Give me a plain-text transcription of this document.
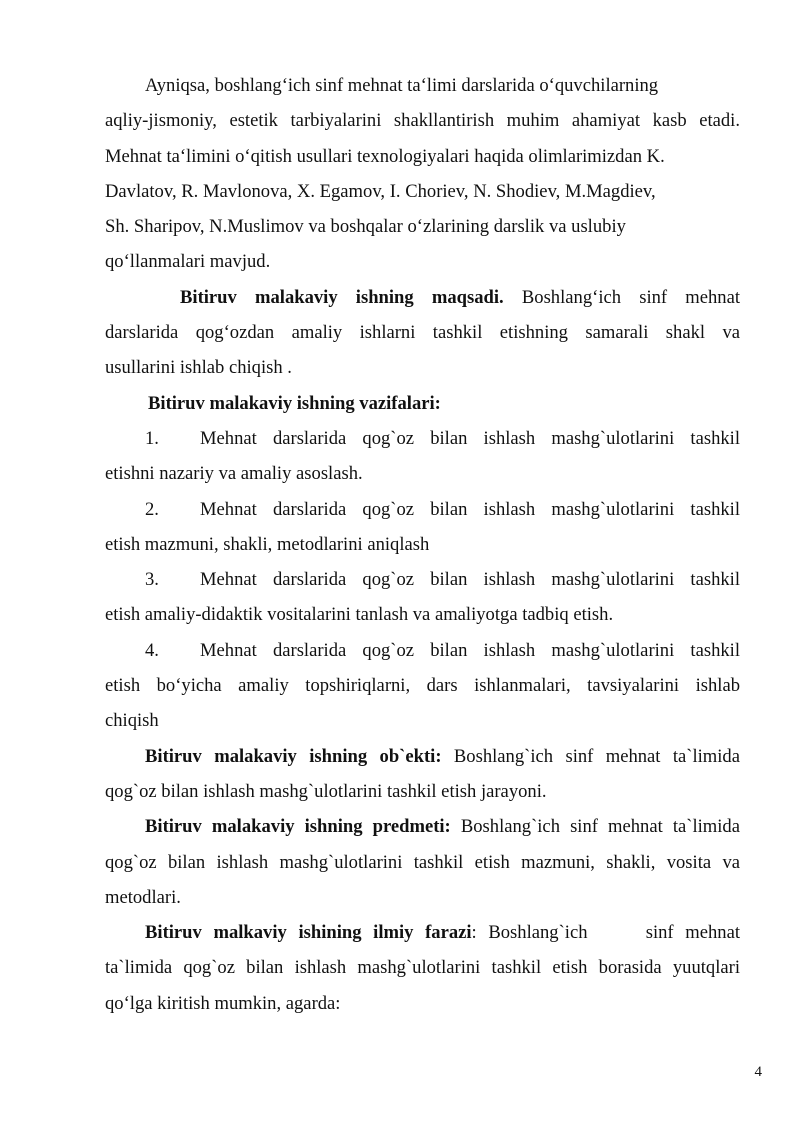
Ayniqsa, boshlang‘ich sinf mehnat ta‘limi darslarida o‘quvchilarning
aqliy-jismoniy, estetik tarbiyalarini shakllantirish muhim ahamiyat kasb etadi.
Mehnat ta‘limini o‘qitish usullari texnologiyalari haqida olimlarimizdan K.
Davlatov, R. Mavlonova, X. Egamov, I. Choriev, N. Shodiev, M.Magdiev,
Sh. Sharipov, N.Muslimov va boshqalar o‘zlarining darslik va uslubiy
qo‘llanmalari mavjud.
Bitiruv malakaviy ishning maqsadi. Boshlang‘ich sinf mehnat
darslarida qog‘ozdan amaliy ishlarni tashkil etishning samarali shakl va
usullarini ishlab chiqish .
Bitiruv malakaviy ishning vazifalari:
1.	Mehnat darslarida qog`oz bilan ishlash mashg`ulotlarini tashkil
etishni nazariy va amaliy asoslash.
2.	Mehnat darslarida qog`oz bilan ishlash mashg`ulotlarini tashkil
etish mazmuni, shakli, metodlarini aniqlash
3.	Mehnat darslarida qog`oz bilan ishlash mashg`ulotlarini tashkil
etish amaliy-didaktik vositalarini tanlash va amaliyotga tadbiq etish.
4.	Mehnat darslarida qog`oz bilan ishlash mashg`ulotlarini tashkil
etish bo‘yicha amaliy topshiriqlarni, dars ishlanmalari, tavsiyalarini ishlab
chiqish
Bitiruv malakaviy ishning ob`ekti: Boshlang`ich sinf mehnat ta`limida
qog`oz bilan ishlash mashg`ulotlarini tashkil etish jarayoni.
Bitiruv malakaviy ishning predmeti: Boshlang`ich sinf mehnat ta`limida
qog`oz bilan ishlash mashg`ulotlarini tashkil etish mazmuni, shakli, vosita va
metodlari.
Bitiruv malkaviy ishining ilmiy farazi: Boshlang`ich     sinf mehnat
ta`limida qog`oz bilan ishlash mashg`ulotlarini tashkil etish borasida yuutqlari
qo‘lga kiritish mumkin, agarda:
4
